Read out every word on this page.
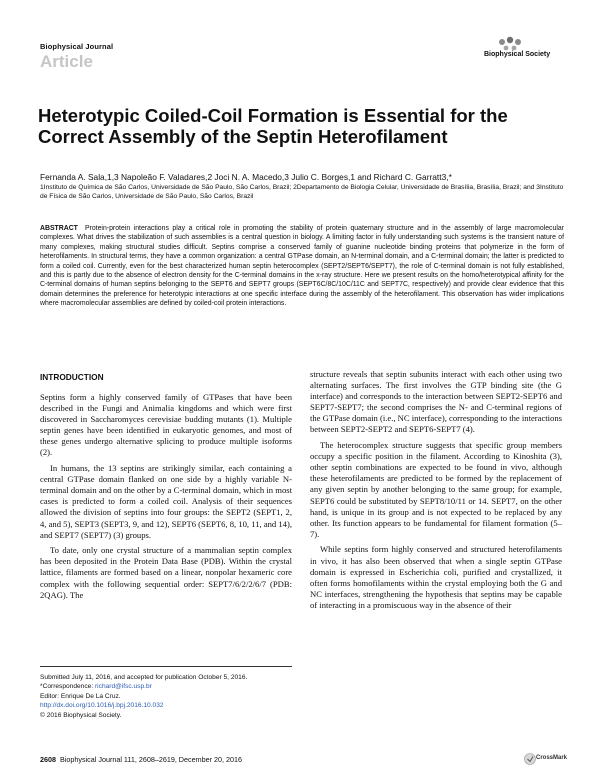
Biophysical Journal
Article	Biophysical Society
Heterotypic Coiled-Coil Formation is Essential for the Correct Assembly of the Septin Heterofilament
Fernanda A. Sala,1,3 Napoleão F. Valadares,2 Joci N. A. Macedo,3 Julio C. Borges,1 and Richard C. Garratt3,*
1Instituto de Química de São Carlos, Universidade de São Paulo, São Carlos, Brazil; 2Departamento de Biologia Celular, Universidade de Brasília, Brasília, Brazil; and 3Instituto de Física de São Carlos, Universidade de São Paulo, São Carlos, Brazil
ABSTRACT Protein-protein interactions play a critical role in promoting the stability of protein quaternary structure and in the assembly of large macromolecular complexes. What drives the stabilization of such assemblies is a central question in biology. A limiting factor in fully understanding such systems is the transient nature of many complexes, making structural studies difficult. Septins comprise a conserved family of guanine nucleotide binding proteins that polymerize in the form of heterofilaments. In structural terms, they have a common organization: a central GTPase domain, an N-terminal domain, and a C-terminal domain; the latter is predicted to form a coiled coil. Currently, even for the best characterized human septin heterocomplex (SEPT2/SEPT6/SEPT7), the role of C-terminal domain is not fully established, and this is partly due to the absence of electron density for the C-terminal domains in the x-ray structure. Here we present results on the homo/heterotypical affinity for the C-terminal domains of human septins belonging to the SEPT6 and SEPT7 groups (SEPT6C/8C/10C/11C and SEPT7C, respectively) and provide clear evidence that this domain determines the preference for heterotypic interactions at one specific interface during the assembly of the heterofilament. This observation has wider implications where macromolecular assemblies are defined by coiled-coil protein interactions.
INTRODUCTION

Septins form a highly conserved family of GTPases that have been described in the Fungi and Animalia kingdoms and which were first discovered in Saccharomyces cerevisiae budding mutants (1). Multiple septin genes have been identified in eukaryotic genomes, and most of these genes undergo alternative splicing to produce multiple isoforms (2).

In humans, the 13 septins are strikingly similar, each containing a central GTPase domain flanked on one side by a highly variable N-terminal domain and on the other by a C-terminal domain, which in most cases is predicted to form a coiled coil. Analysis of their sequences allowed the division of septins into four groups: the SEPT2 (SEPT1, 2, 4, and 5), SEPT3 (SEPT3, 9, and 12), SEPT6 (SEPT6, 8, 10, 11, and 14), and SEPT7 (SEPT7) (3) groups.

To date, only one crystal structure of a mammalian septin complex has been deposited in the Protein Data Base (PDB). Within the crystal lattice, filaments are formed based on a linear, nonpolar hexameric core complex with the following sequential order: SEPT7/6/2/2/6/7 (PDB: 2QAG). The

structure reveals that septin subunits interact with each other using two alternating surfaces. The first involves the GTP binding site (the G interface) and corresponds to the interaction between SEPT2-SEPT6 and SEPT7-SEPT7; the second comprises the N- and C-terminal regions of the GTPase domain (i.e., NC interface), corresponding to the interactions between SEPT2-SEPT2 and SEPT6-SEPT7 (4).

The heterocomplex structure suggests that specific group members occupy a specific position in the filament. According to Kinoshita (3), other septin combinations are expected to be found in vivo, although these heterofilaments are predicted to be formed by the replacement of any given septin by another belonging to the same group; for example, SEPT6 could be substituted by SEPT8/10/11 or 14. SEPT7, on the other hand, is unique in its group and is not expected to be replaced by any other. Its function appears to be fundamental for filament formation (5–7).

While septins form highly conserved and structured heterofilaments in vivo, it has also been observed that when a single septin GTPase domain is expressed in Escherichia coli, purified and crystallized, it often forms homofilaments within the crystal employing both the G and NC interfaces, strengthening the hypothesis that septins may be capable of interacting in a promiscuous way in the absence of their

Submitted July 11, 2016, and accepted for publication October 5, 2016.
*Correspondence: richard@ifsc.usp.br
Editor: Enrique De La Cruz.
http://dx.doi.org/10.1016/j.bpj.2016.10.032
© 2016 Biophysical Society.
2608 Biophysical Journal 111, 2608–2619, December 20, 2016	CrossMark
